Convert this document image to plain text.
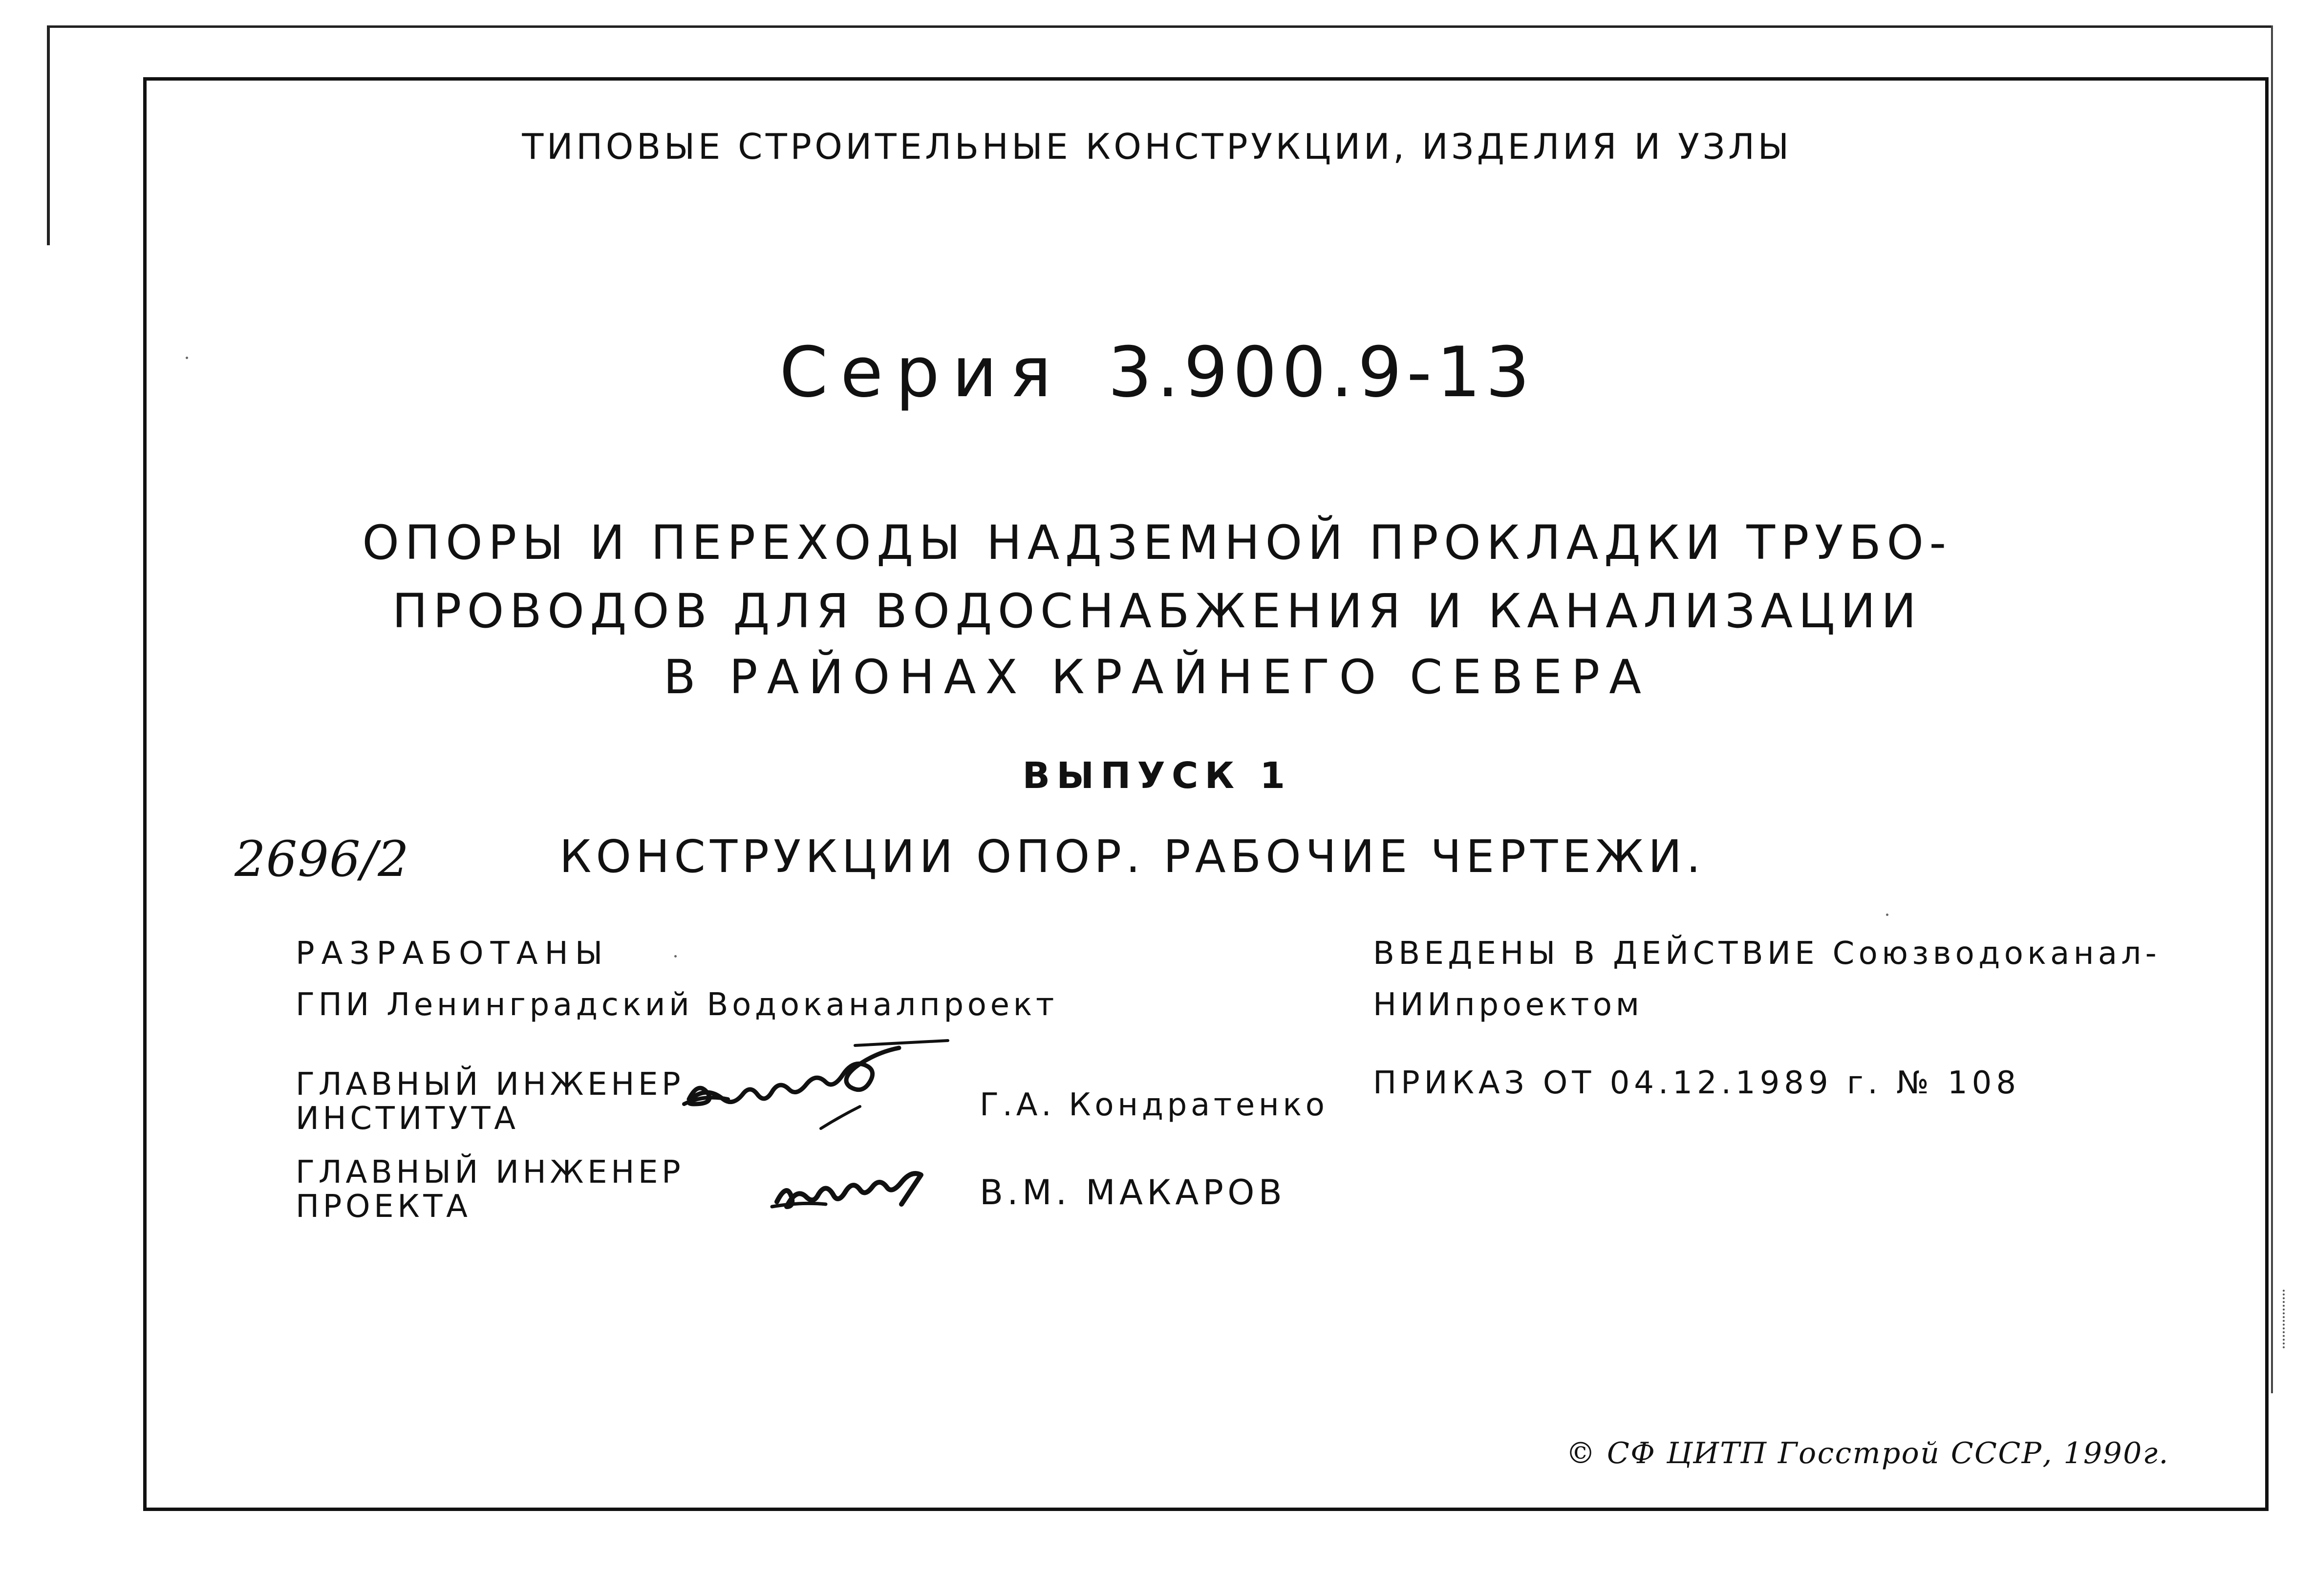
ТИПОВЫЕ СТРОИТЕЛЬНЫЕ КОНСТРУКЦИИ, ИЗДЕЛИЯ И УЗЛЫ
Серия 3.900.9-13
ОПОРЫ И ПЕРЕХОДЫ НАДЗЕМНОЙ ПРОКЛАДКИ ТРУБО-
ПРОВОДОВ ДЛЯ ВОДОСНАБЖЕНИЯ И КАНАЛИЗАЦИИ
В РАЙОНАХ КРАЙНЕГО СЕВЕРА
ВЫПУСК 1
2696/2	КОНСТРУКЦИИ ОПОР. РАБОЧИЕ ЧЕРТЕЖИ.
РАЗРАБОТАНЫ
ГПИ Ленинградский Водоканалпроект
ГЛАВНЫЙ ИНЖЕНЕР
ИНСТИТУТА	Г.А. Кондратенко
ГЛАВНЫЙ ИНЖЕНЕР
ПРОЕКТА	В.М. МАКАРОВ
ВВЕДЕНЫ В ДЕЙСТВИЕ Союзводоканал-
НИИпроектом
ПРИКАЗ ОТ 04.12.1989 г. № 108
© СФ ЦИТП Госстрой СССР, 1990г.
